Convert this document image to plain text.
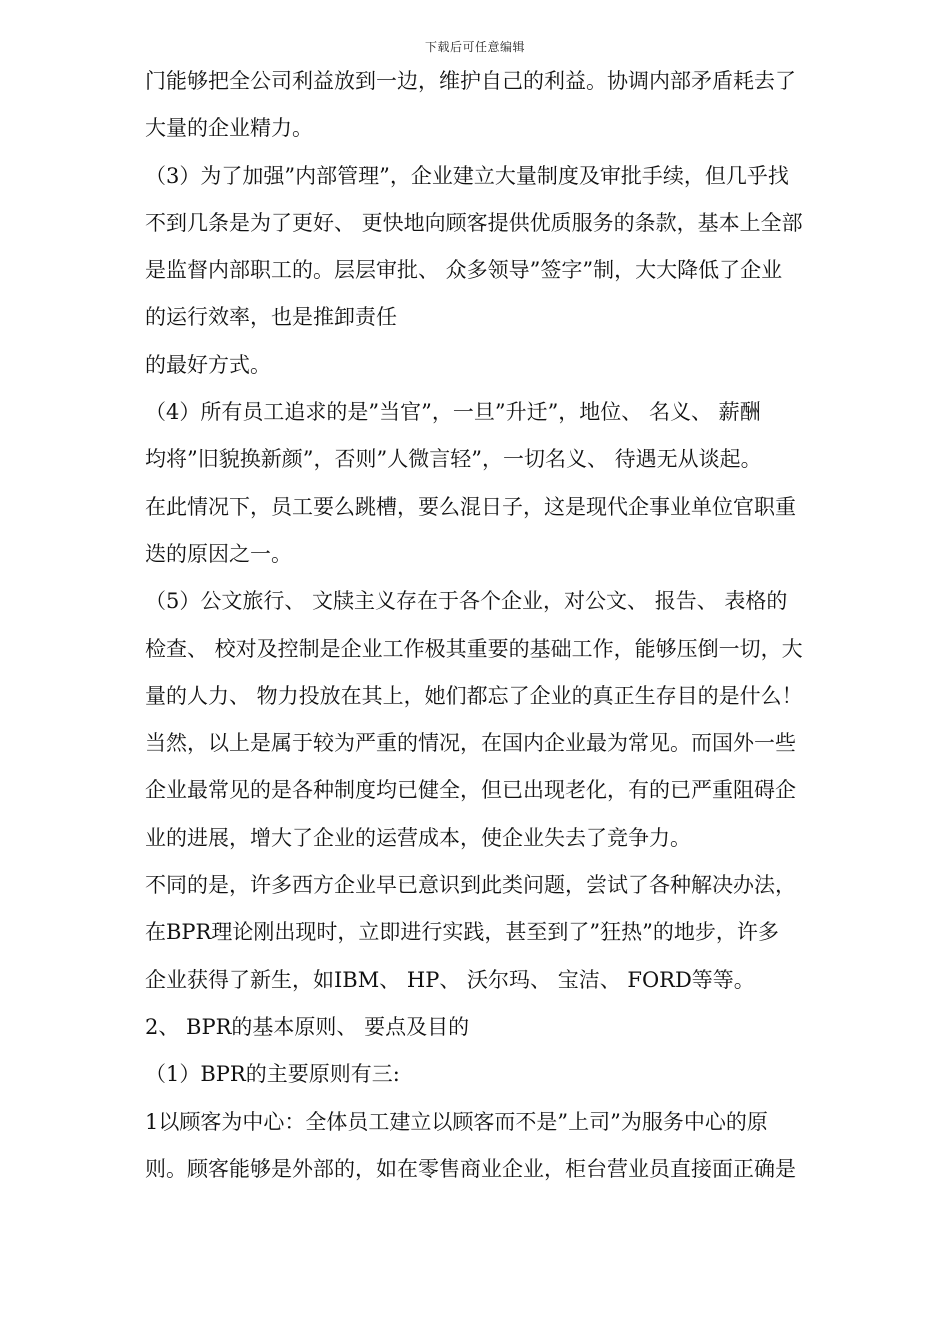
下载后可任意编辑
门能够把全公司利益放到一边，维护自己的利益。协调内部矛盾耗去了
大量的企业精力。
（3）为了加强”内部管理”，企业建立大量制度及审批手续，但几乎找
不到几条是为了更好、 更快地向顾客提供优质服务的条款，基本上全部
是监督内部职工的。层层审批、 众多领导”签字”制，大大降低了企业
的运行效率，也是推卸责任
的最好方式。
（4）所有员工追求的是”当官”，一旦”升迁”，地位、 名义、 薪酬
均将”旧貌换新颜”，否则”人微言轻”，一切名义、 待遇无从谈起。
在此情况下，员工要么跳槽，要么混日子，这是现代企事业单位官职重
迭的原因之一。
（5）公文旅行、 文牍主义存在于各个企业，对公文、 报告、 表格的
检查、 校对及控制是企业工作极其重要的基础工作，能够压倒一切，大
量的人力、 物力投放在其上，她们都忘了企业的真正生存目的是什么！
当然，以上是属于较为严重的情况，在国内企业最为常见。而国外一些
企业最常见的是各种制度均已健全，但已出现老化，有的已严重阻碍企
业的进展，增大了企业的运营成本，使企业失去了竞争力。
不同的是，许多西方企业早已意识到此类问题，尝试了各种解决办法，
在BPR理论刚出现时，立即进行实践，甚至到了”狂热”的地步，许多
企业获得了新生，如IBM、 HP、 沃尔玛、 宝洁、 FORD等等。
2、 BPR的基本原则、 要点及目的
（1）BPR的主要原则有三:
1以顾客为中心：全体员工建立以顾客而不是”上司”为服务中心的原
则。顾客能够是外部的，如在零售商业企业，柜台营业员直接面正确是
